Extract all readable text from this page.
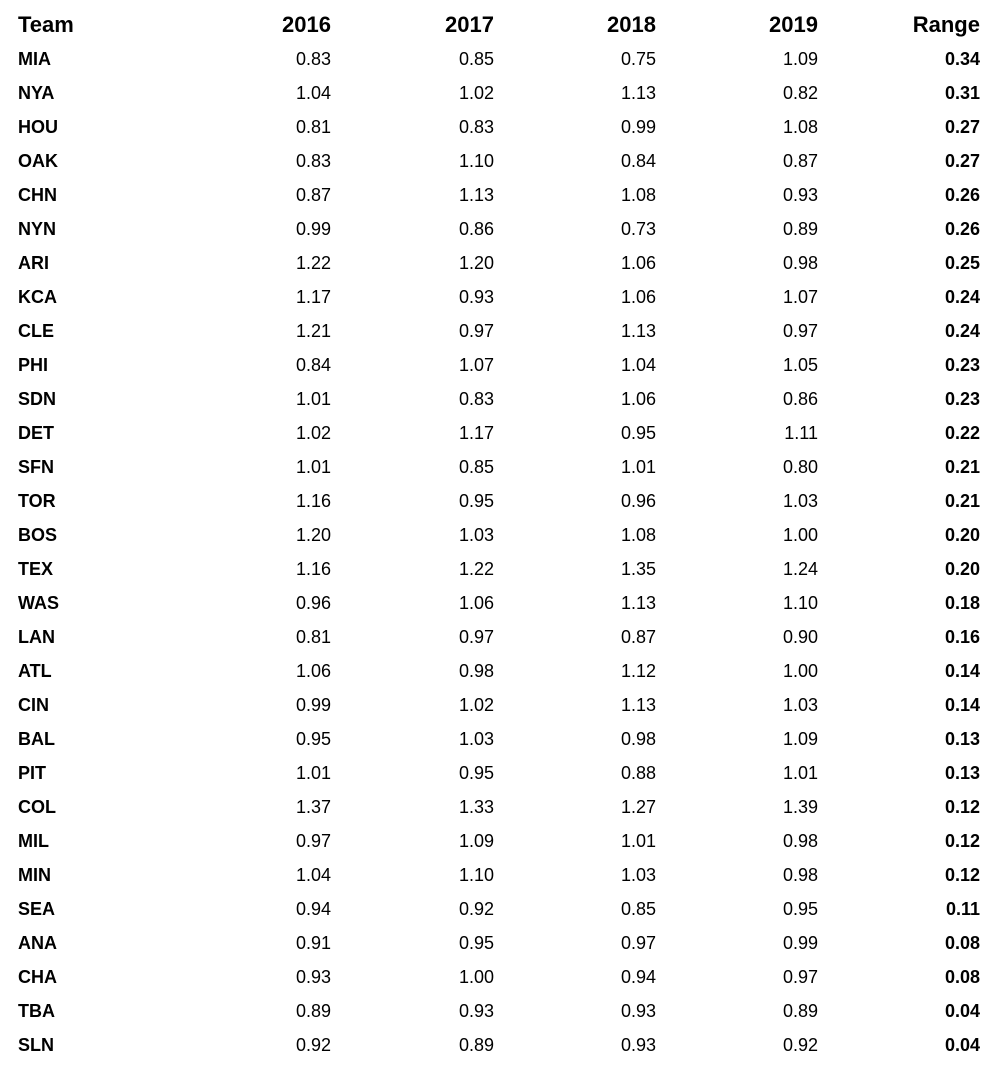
Team	2016	2017	2018	2019	Range
MIA	0.83	0.85	0.75	1.09	0.34
NYA	1.04	1.02	1.13	0.82	0.31
HOU	0.81	0.83	0.99	1.08	0.27
OAK	0.83	1.10	0.84	0.87	0.27
CHN	0.87	1.13	1.08	0.93	0.26
NYN	0.99	0.86	0.73	0.89	0.26
ARI	1.22	1.20	1.06	0.98	0.25
KCA	1.17	0.93	1.06	1.07	0.24
CLE	1.21	0.97	1.13	0.97	0.24
PHI	0.84	1.07	1.04	1.05	0.23
SDN	1.01	0.83	1.06	0.86	0.23
DET	1.02	1.17	0.95	1.11	0.22
SFN	1.01	0.85	1.01	0.80	0.21
TOR	1.16	0.95	0.96	1.03	0.21
BOS	1.20	1.03	1.08	1.00	0.20
TEX	1.16	1.22	1.35	1.24	0.20
WAS	0.96	1.06	1.13	1.10	0.18
LAN	0.81	0.97	0.87	0.90	0.16
ATL	1.06	0.98	1.12	1.00	0.14
CIN	0.99	1.02	1.13	1.03	0.14
BAL	0.95	1.03	0.98	1.09	0.13
PIT	1.01	0.95	0.88	1.01	0.13
COL	1.37	1.33	1.27	1.39	0.12
MIL	0.97	1.09	1.01	0.98	0.12
MIN	1.04	1.10	1.03	0.98	0.12
SEA	0.94	0.92	0.85	0.95	0.11
ANA	0.91	0.95	0.97	0.99	0.08
CHA	0.93	1.00	0.94	0.97	0.08
TBA	0.89	0.93	0.93	0.89	0.04
SLN	0.92	0.89	0.93	0.92	0.04
